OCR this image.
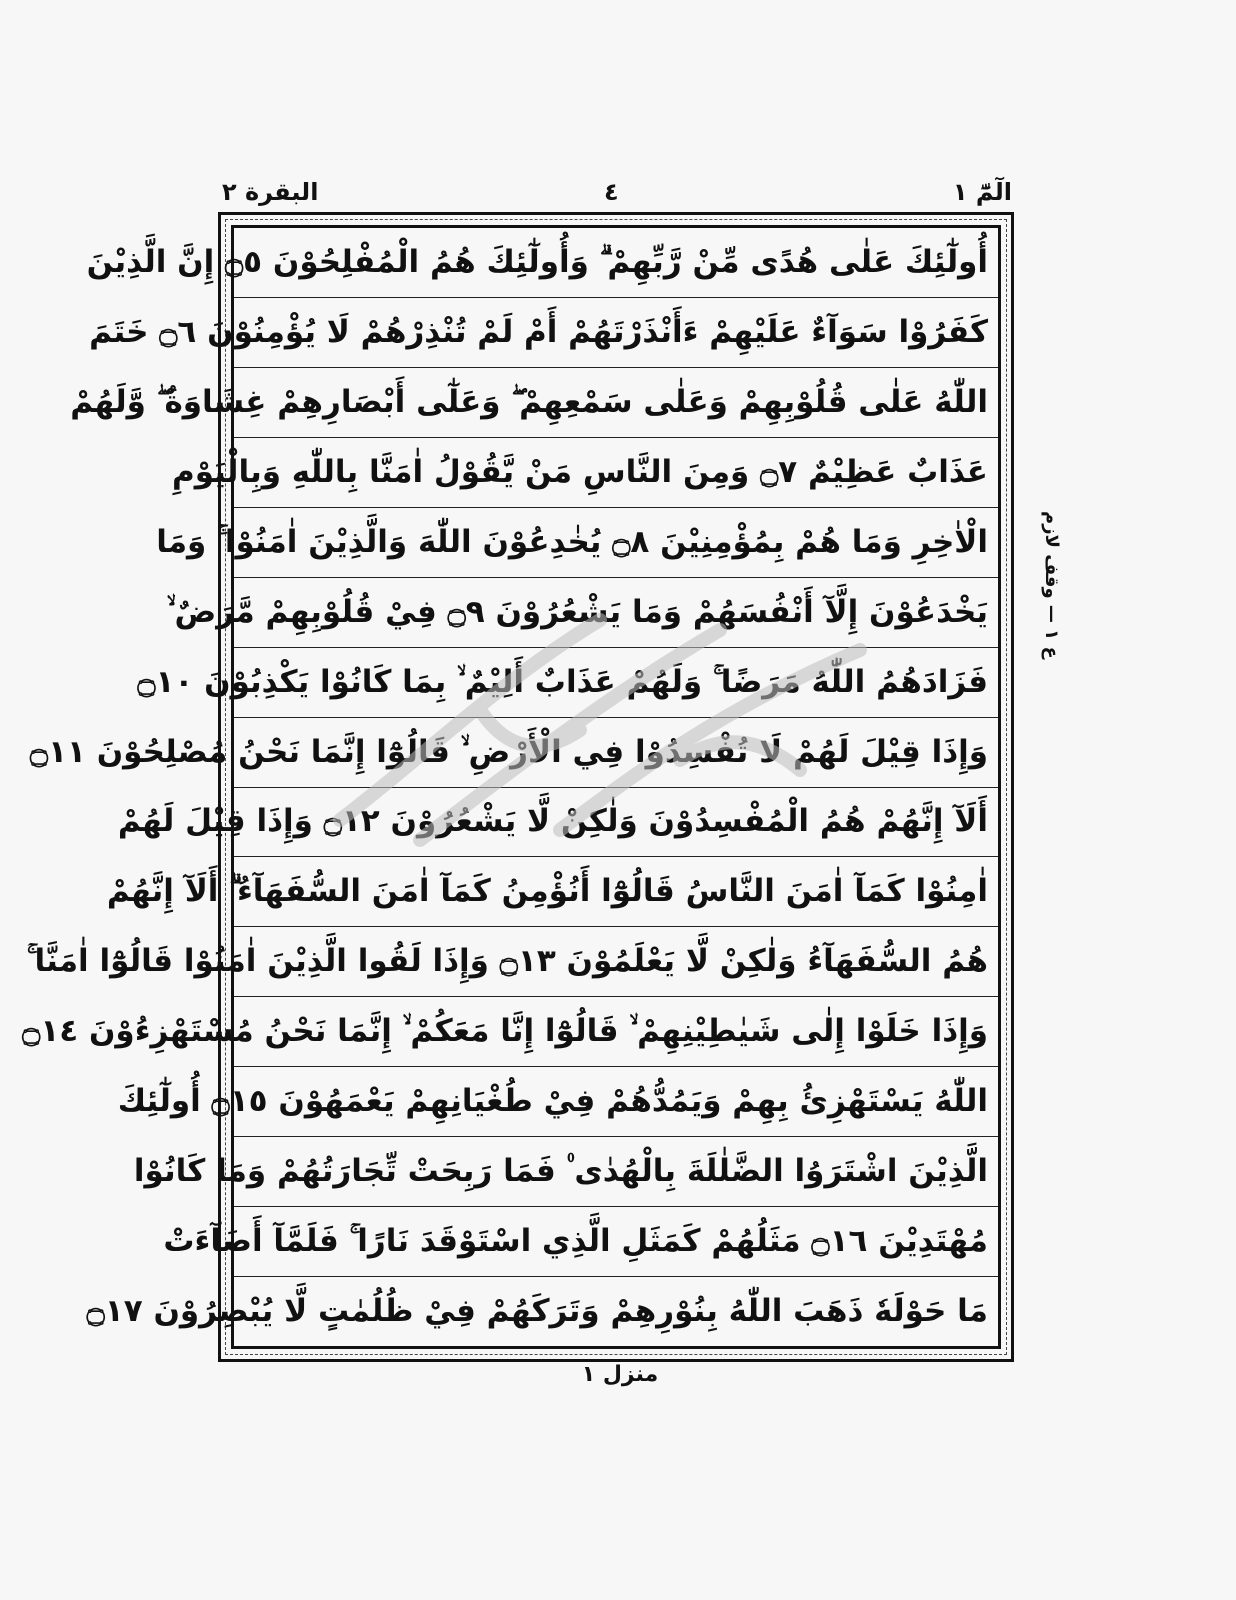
البقرة ۲	٤	الٓمّٓ ۱
أُولٰٓئِكَ عَلٰى هُدًى مِّنْ رَّبِّهِمْ ۗ وَأُولٰٓئِكَ هُمُ الْمُفْلِحُوْنَ ۝٥ إِنَّ الَّذِيْنَ
كَفَرُوْا سَوَآءٌ عَلَيْهِمْ ءَأَنْذَرْتَهُمْ أَمْ لَمْ تُنْذِرْهُمْ لَا يُؤْمِنُوْنَ ۝٦ خَتَمَ
اللّٰهُ عَلٰى قُلُوْبِهِمْ وَعَلٰى سَمْعِهِمْ ۖ وَعَلٰٓى أَبْصَارِهِمْ غِشَاوَةٌ ۖ وَّلَهُمْ
عَذَابٌ عَظِيْمٌ ۝٧ وَمِنَ النَّاسِ مَنْ يَّقُوْلُ اٰمَنَّا بِاللّٰهِ وَبِالْيَوْمِ
الْاٰخِرِ وَمَا هُمْ بِمُؤْمِنِيْنَ ۝٨ يُخٰدِعُوْنَ اللّٰهَ وَالَّذِيْنَ اٰمَنُوْا ۚ وَمَا
يَخْدَعُوْنَ إِلَّآ أَنْفُسَهُمْ وَمَا يَشْعُرُوْنَ ۝٩ فِيْ قُلُوْبِهِمْ مَّرَضٌ ۙ
فَزَادَهُمُ اللّٰهُ مَرَضًا ۚ وَلَهُمْ عَذَابٌ أَلِيْمٌ ۙ بِمَا كَانُوْا يَكْذِبُوْنَ ۝١٠
وَإِذَا قِيْلَ لَهُمْ لَا تُفْسِدُوْا فِي الْأَرْضِ ۙ قَالُوْٓا إِنَّمَا نَحْنُ مُصْلِحُوْنَ ۝١١
أَلَآ إِنَّهُمْ هُمُ الْمُفْسِدُوْنَ وَلٰكِنْ لَّا يَشْعُرُوْنَ ۝١٢ وَإِذَا قِيْلَ لَهُمْ
اٰمِنُوْا كَمَآ اٰمَنَ النَّاسُ قَالُوْٓا أَنُؤْمِنُ كَمَآ اٰمَنَ السُّفَهَآءُ ۗ أَلَآ إِنَّهُمْ
هُمُ السُّفَهَآءُ وَلٰكِنْ لَّا يَعْلَمُوْنَ ۝١٣ وَإِذَا لَقُوا الَّذِيْنَ اٰمَنُوْا قَالُوْٓا اٰمَنَّا ۚ
وَإِذَا خَلَوْا إِلٰى شَيٰطِيْنِهِمْ ۙ قَالُوْٓا إِنَّا مَعَكُمْ ۙ إِنَّمَا نَحْنُ مُسْتَهْزِءُوْنَ ۝١٤
اللّٰهُ يَسْتَهْزِئُ بِهِمْ وَيَمُدُّهُمْ فِيْ طُغْيَانِهِمْ يَعْمَهُوْنَ ۝١٥ أُولٰٓئِكَ
الَّذِيْنَ اشْتَرَوُا الضَّلٰلَةَ بِالْهُدٰى ۠ فَمَا رَبِحَتْ تِّجَارَتُهُمْ وَمَا كَانُوْا
مُهْتَدِيْنَ ۝١٦ مَثَلُهُمْ كَمَثَلِ الَّذِي اسْتَوْقَدَ نَارًا ۚ فَلَمَّآ أَضَآءَتْ
مَا حَوْلَهٗ ذَهَبَ اللّٰهُ بِنُوْرِهِمْ وَتَرَكَهُمْ فِيْ ظُلُمٰتٍ لَّا يُبْصِرُوْنَ ۝١٧
ع ۱ — وقف لازم
منزل ۱
